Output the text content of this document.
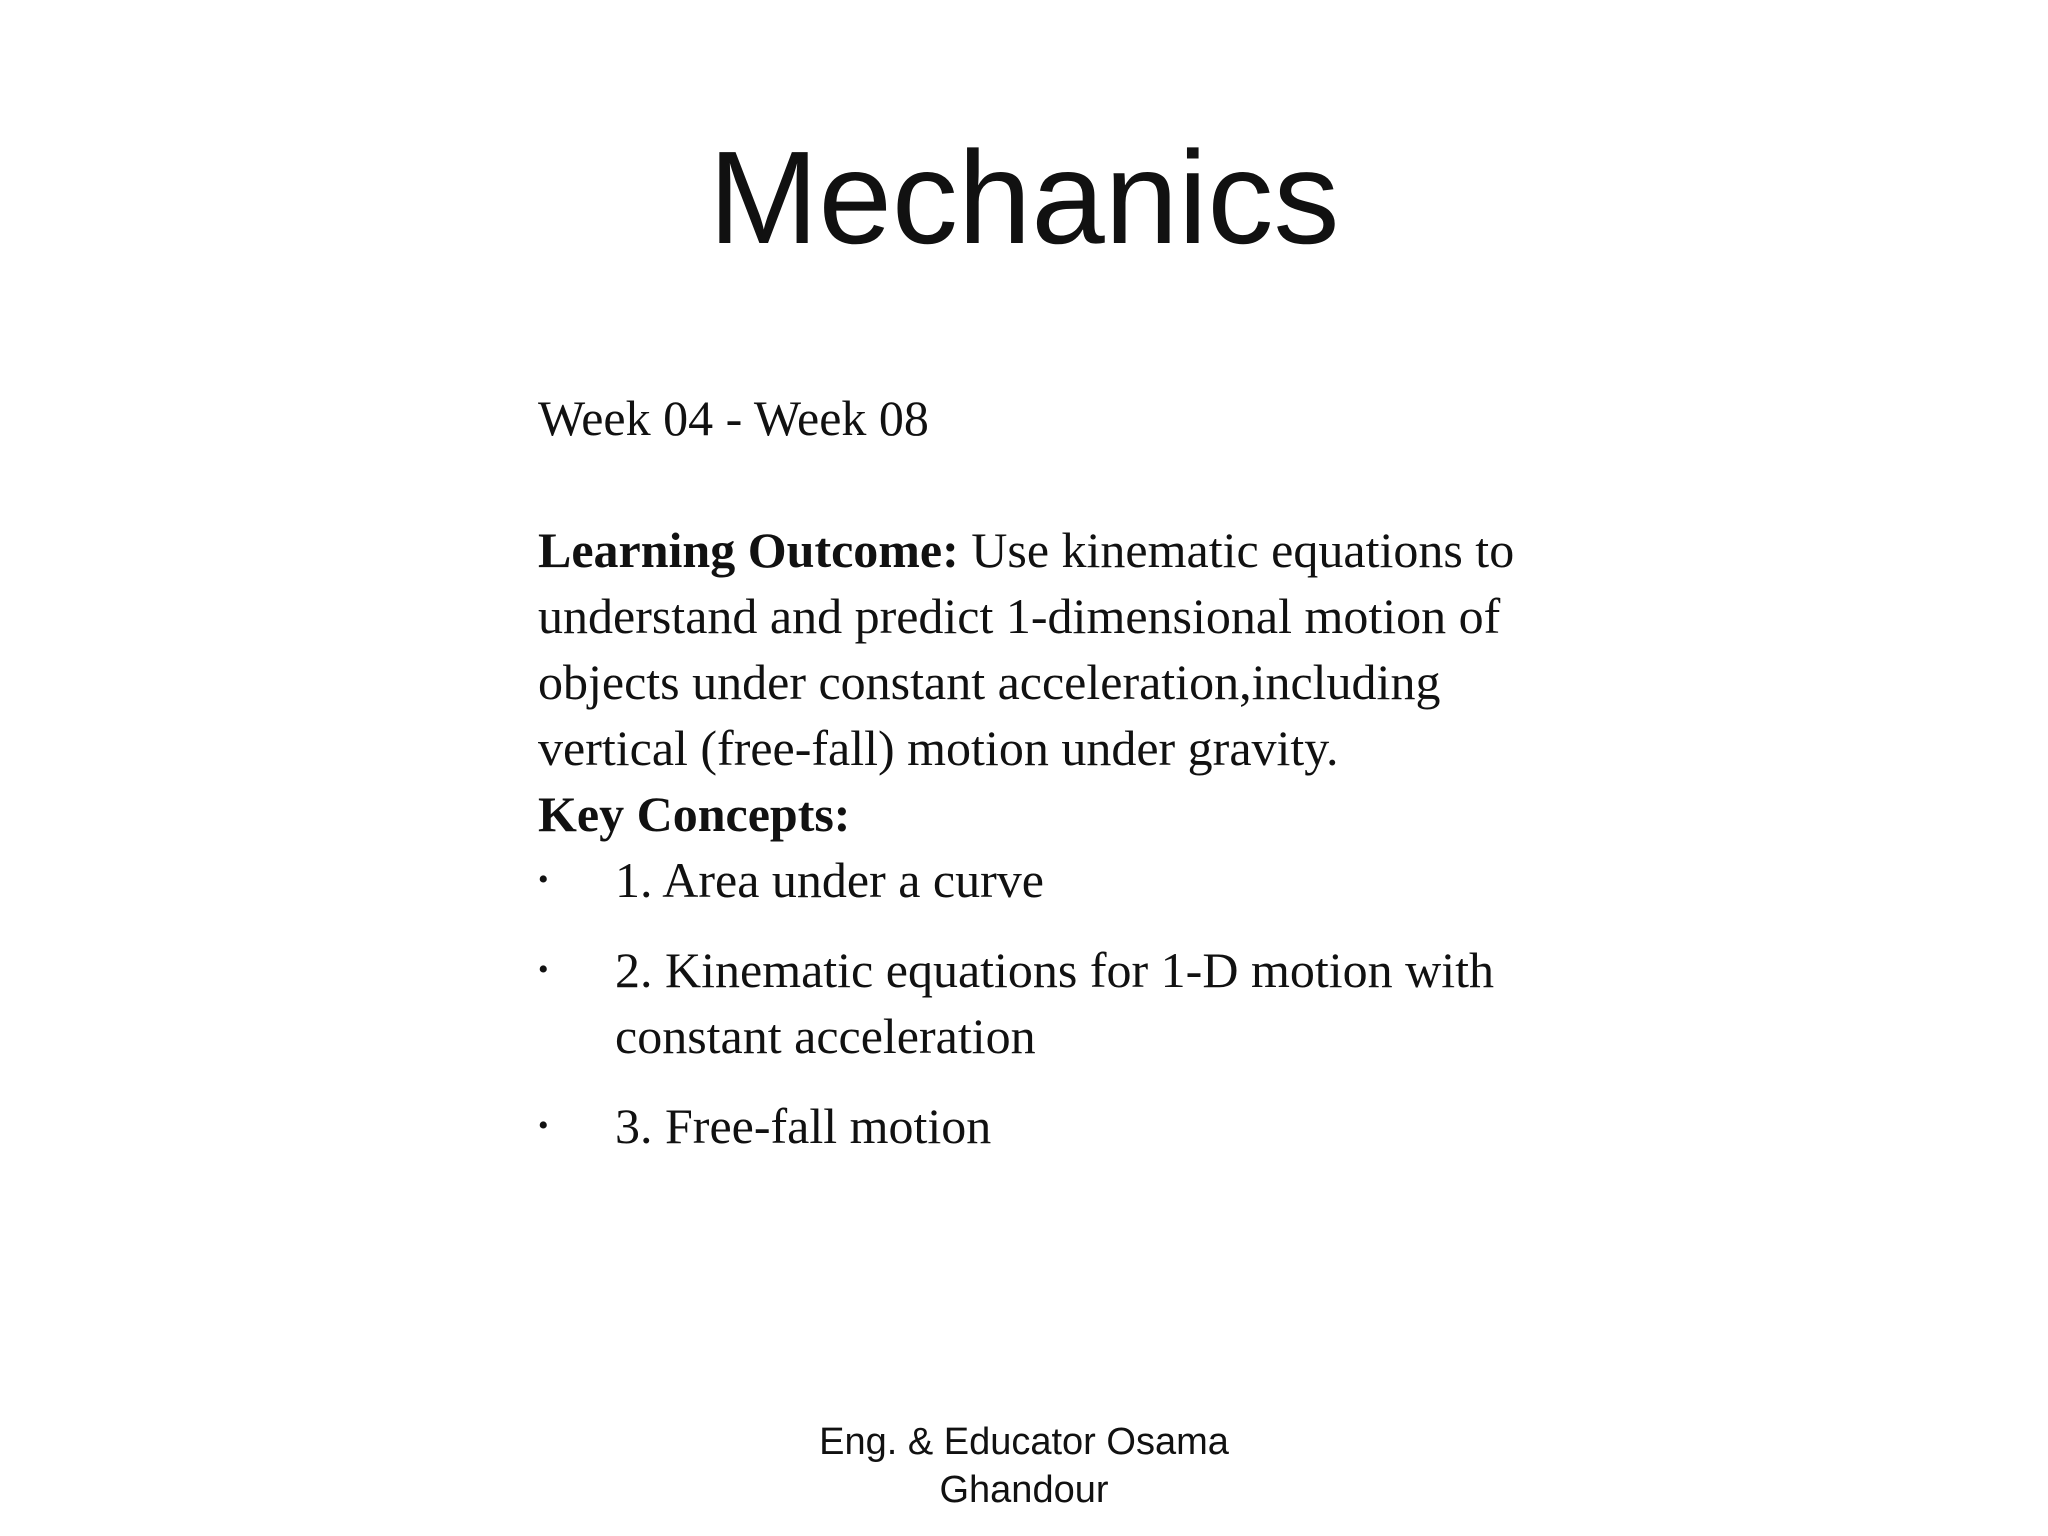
Mechanics
Week 04 - Week 08
Learning Outcome: Use kinematic equations to understand and predict 1-dimensional motion of objects under constant acceleration,including vertical (free-fall) motion under gravity.
Key Concepts:
• 1. Area under a curve
• 2. Kinematic equations for 1-D motion with constant acceleration
• 3. Free-fall motion
Eng. & Educator Osama
Ghandour
